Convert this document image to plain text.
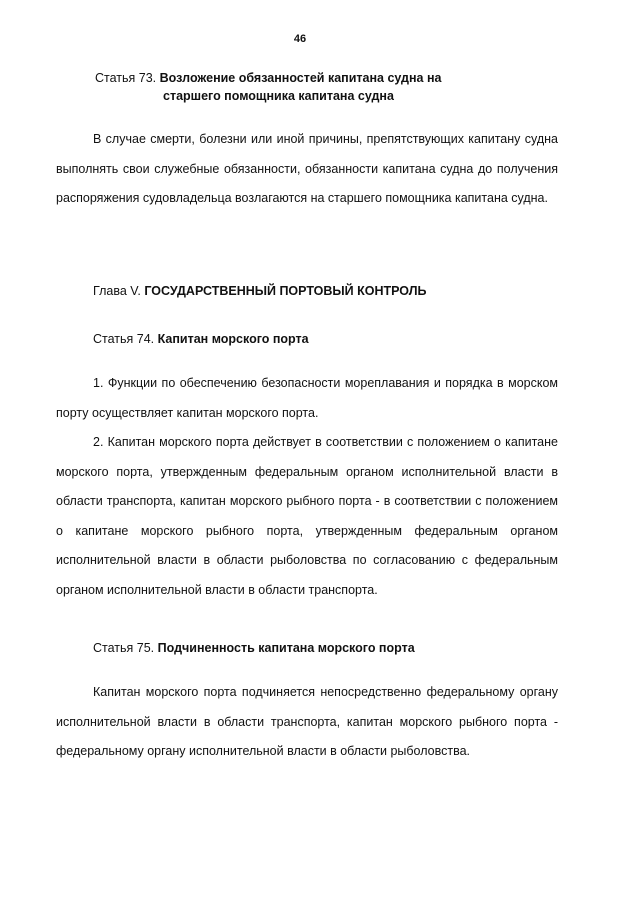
46
Статья 73. Возложение обязанностей капитана судна на
старшего помощника капитана судна

В случае смерти, болезни или иной причины, препятствующих капитану судна выполнять свои служебные обязанности, обязанности капитана судна до получения распоряжения судовладельца возлагаются на старшего помощника капитана судна.

Глава V. ГОСУДАРСТВЕННЫЙ ПОРТОВЫЙ КОНТРОЛЬ
Статья 74. Капитан морского порта

1. Функции по обеспечению безопасности мореплавания и порядка в морском порту осуществляет капитан морского порта.

2. Капитан морского порта действует в соответствии с положением о капитане морского порта, утвержденным федеральным органом исполнительной власти в области транспорта, капитан морского рыбного порта - в соответствии с положением о капитане морского рыбного порта, утвержденным федеральным органом исполнительной власти в области рыболовства по согласованию с федеральным органом исполнительной власти в области транспорта.

Статья 75. Подчиненность капитана морского порта

Капитан морского порта подчиняется непосредственно федеральному органу исполнительной власти в области транспорта, капитан морского рыбного порта - федеральному органу исполнительной власти в области рыболовства.
